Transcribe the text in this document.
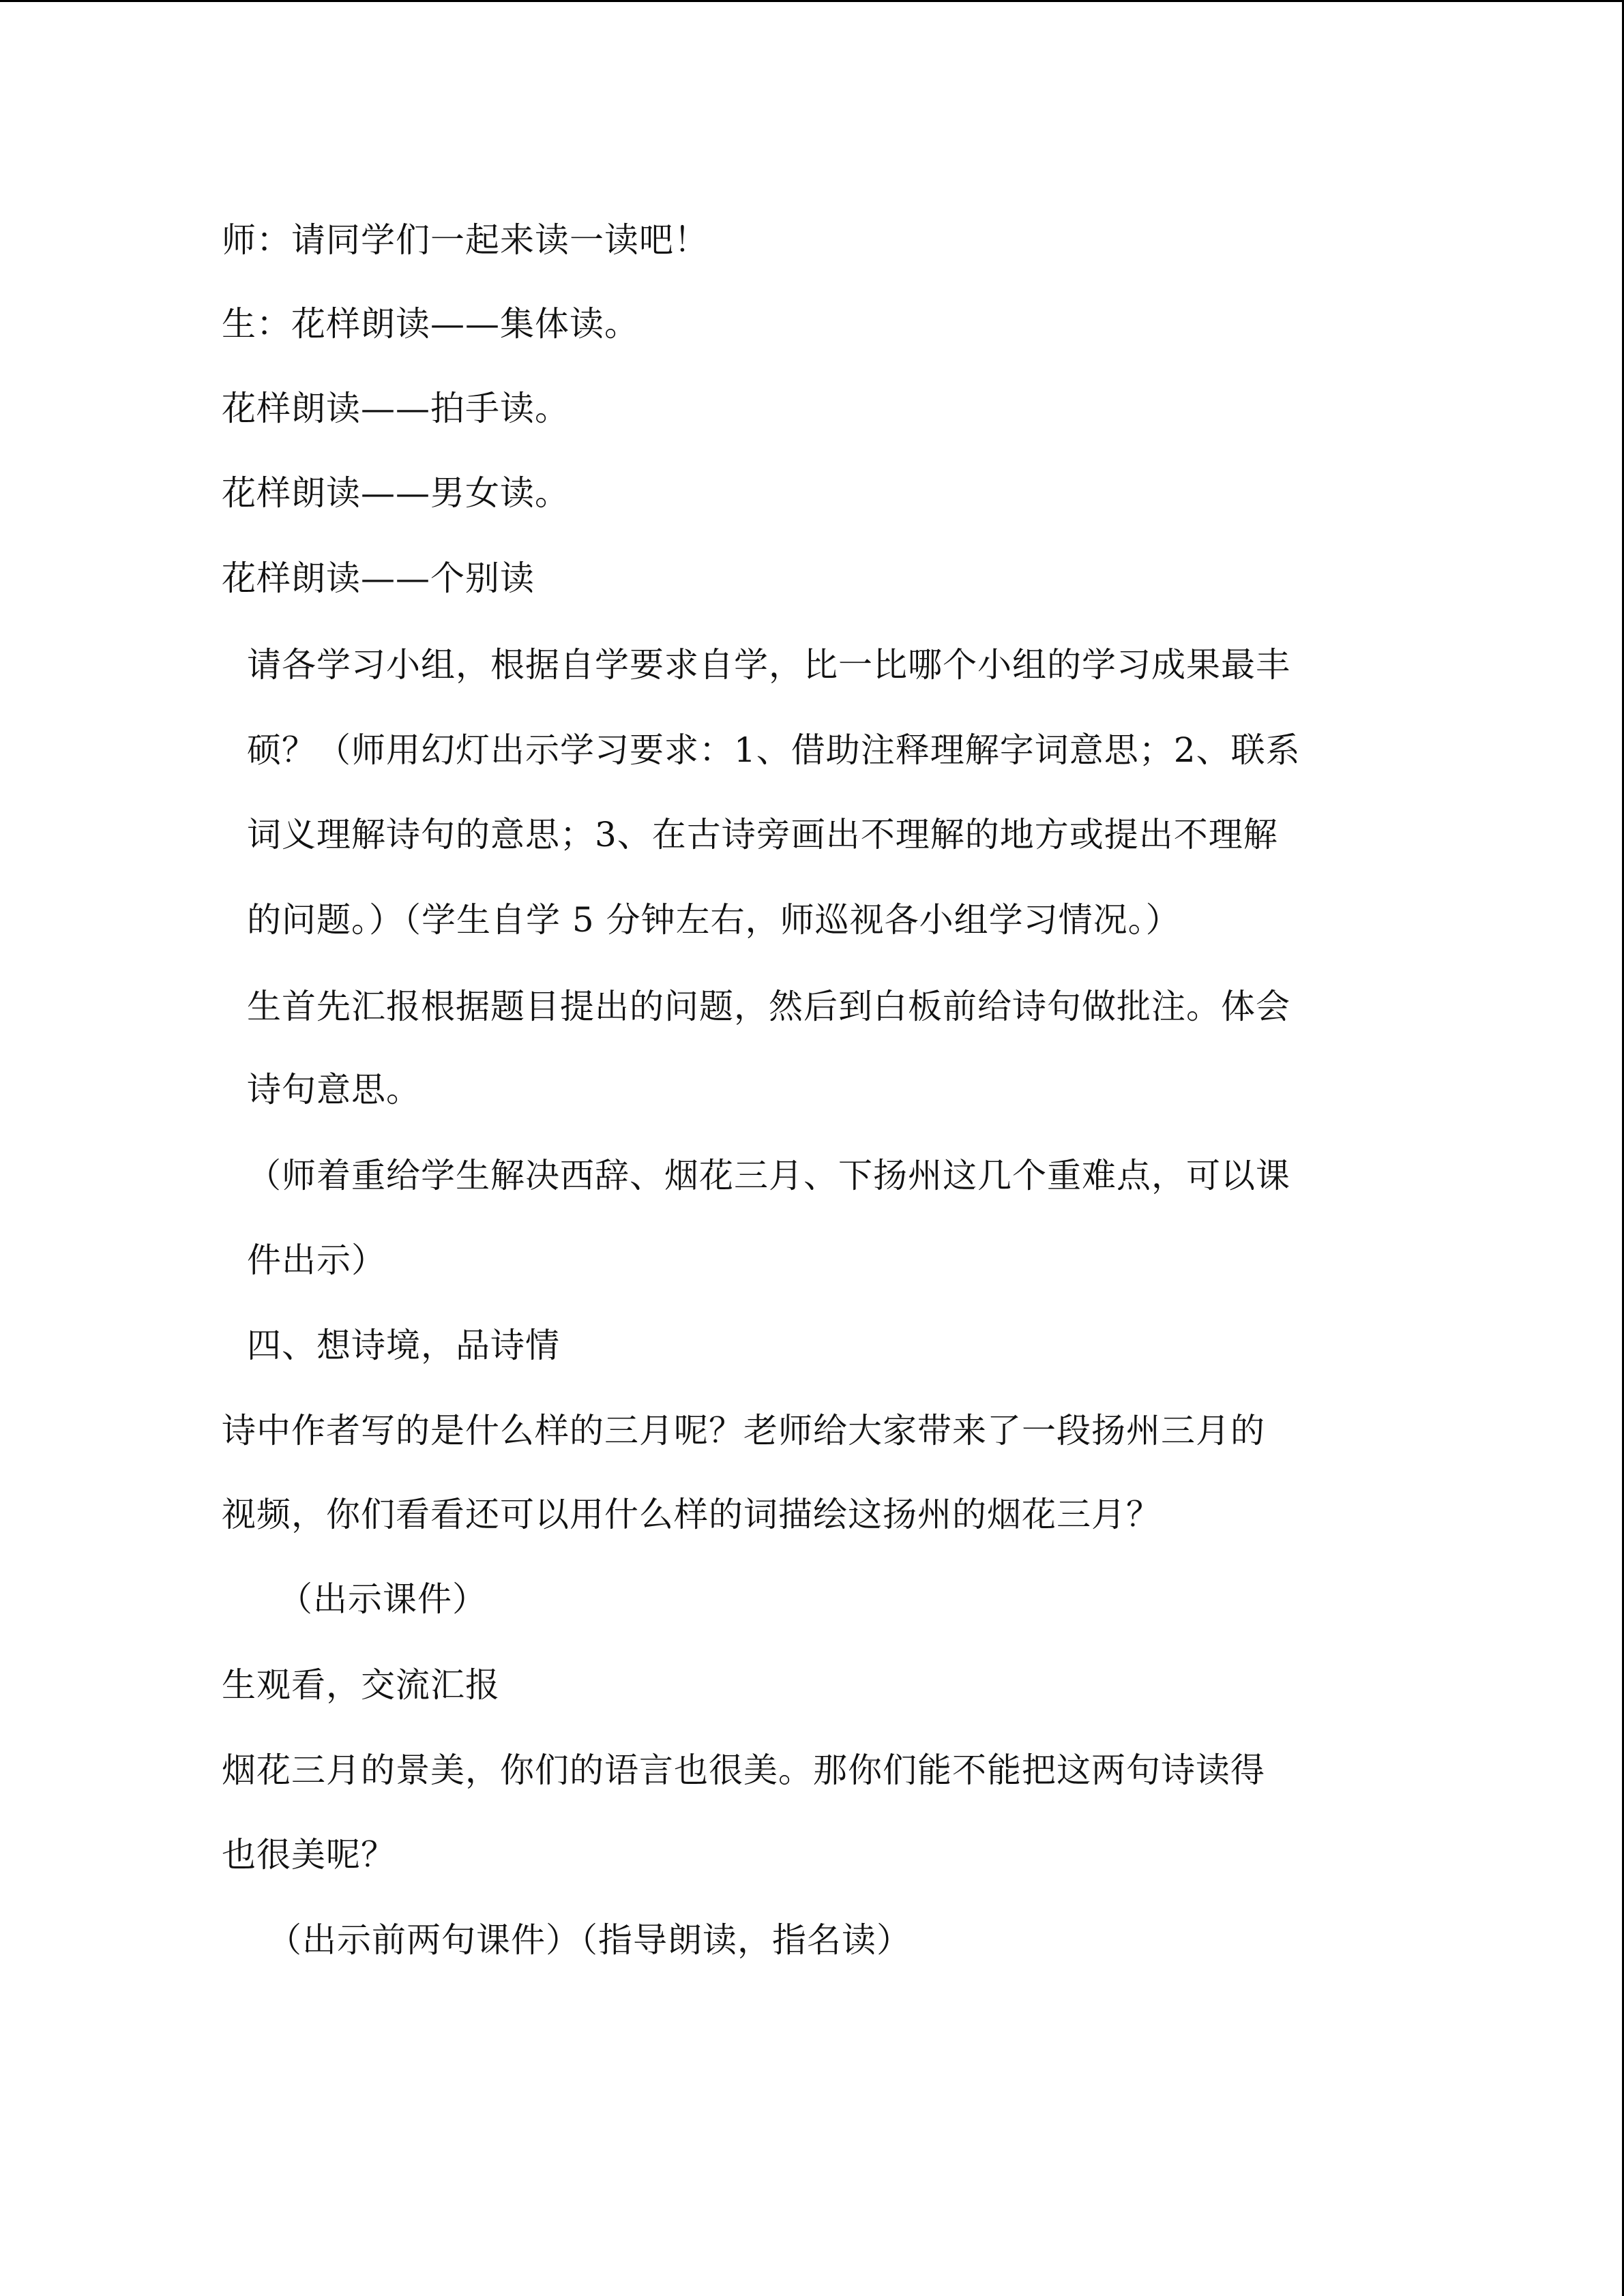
师：请同学们一起来读一读吧！
生：花样朗读——集体读。
花样朗读——拍手读。
花样朗读——男女读。
花样朗读——个别读
请各学习小组，根据自学要求自学，比一比哪个小组的学习成果最丰
硕？（师用幻灯出示学习要求：1、借助注释理解字词意思；2、联系
词义理解诗句的意思；3、在古诗旁画出不理解的地方或提出不理解
的问题。）（学生自学 5 分钟左右，师巡视各小组学习情况。）
生首先汇报根据题目提出的问题，然后到白板前给诗句做批注。体会
诗句意思。
（师着重给学生解决西辞、烟花三月、下扬州这几个重难点，可以课
件出示）
四、想诗境，品诗情
诗中作者写的是什么样的三月呢？老师给大家带来了一段扬州三月的
视频，你们看看还可以用什么样的词描绘这扬州的烟花三月？
（出示课件）
生观看，交流汇报
烟花三月的景美，你们的语言也很美。那你们能不能把这两句诗读得
也很美呢？
（出示前两句课件）（指导朗读，指名读）
